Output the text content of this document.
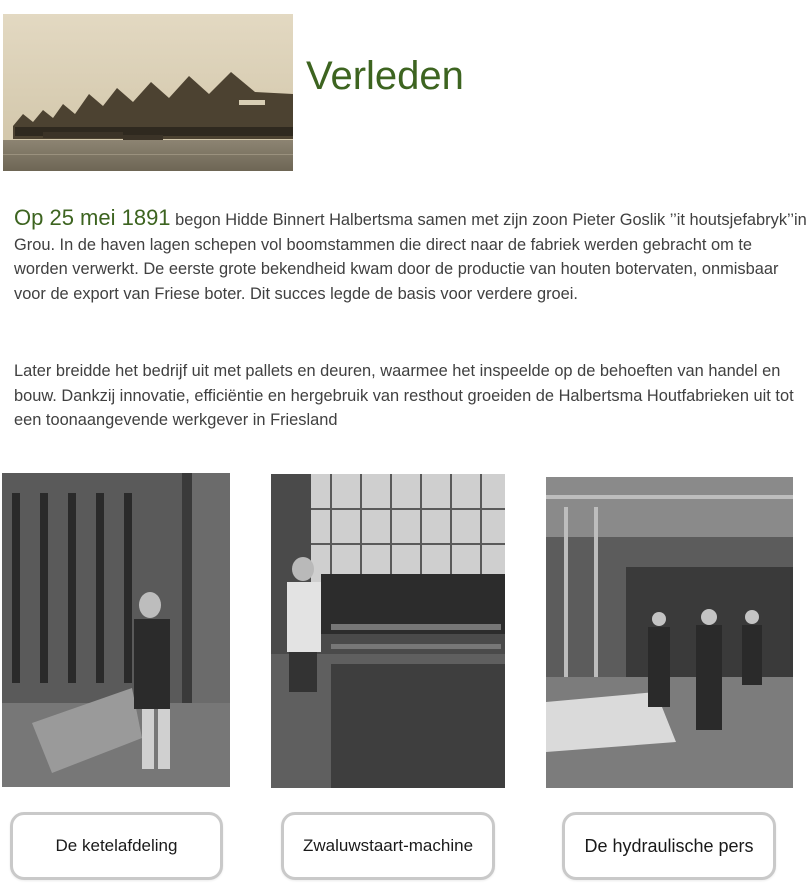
Verleden

Op 25 mei 1891 begon Hidde Binnert Halbertsma samen met zijn zoon Pieter Goslik ’’it houtsjefabryk’’in Grou. In de haven lagen schepen vol boomstammen die direct naar de fabriek werden gebracht om te worden verwerkt. De eerste grote bekendheid kwam door de productie van houten botervaten, onmisbaar voor de export van Friese boter. Dit succes legde de basis voor verdere groei.

Later breidde het bedrijf uit met pallets en deuren, waarmee het inspeelde op de behoeften van handel en bouw. Dankzij innovatie, efficiëntie en hergebruik van resthout groeiden de Halbertsma Houtfabrieken uit tot een toonaangevende werkgever in Friesland

De ketelafdeling	Zwaluwstaart-machine	De hydraulische pers
